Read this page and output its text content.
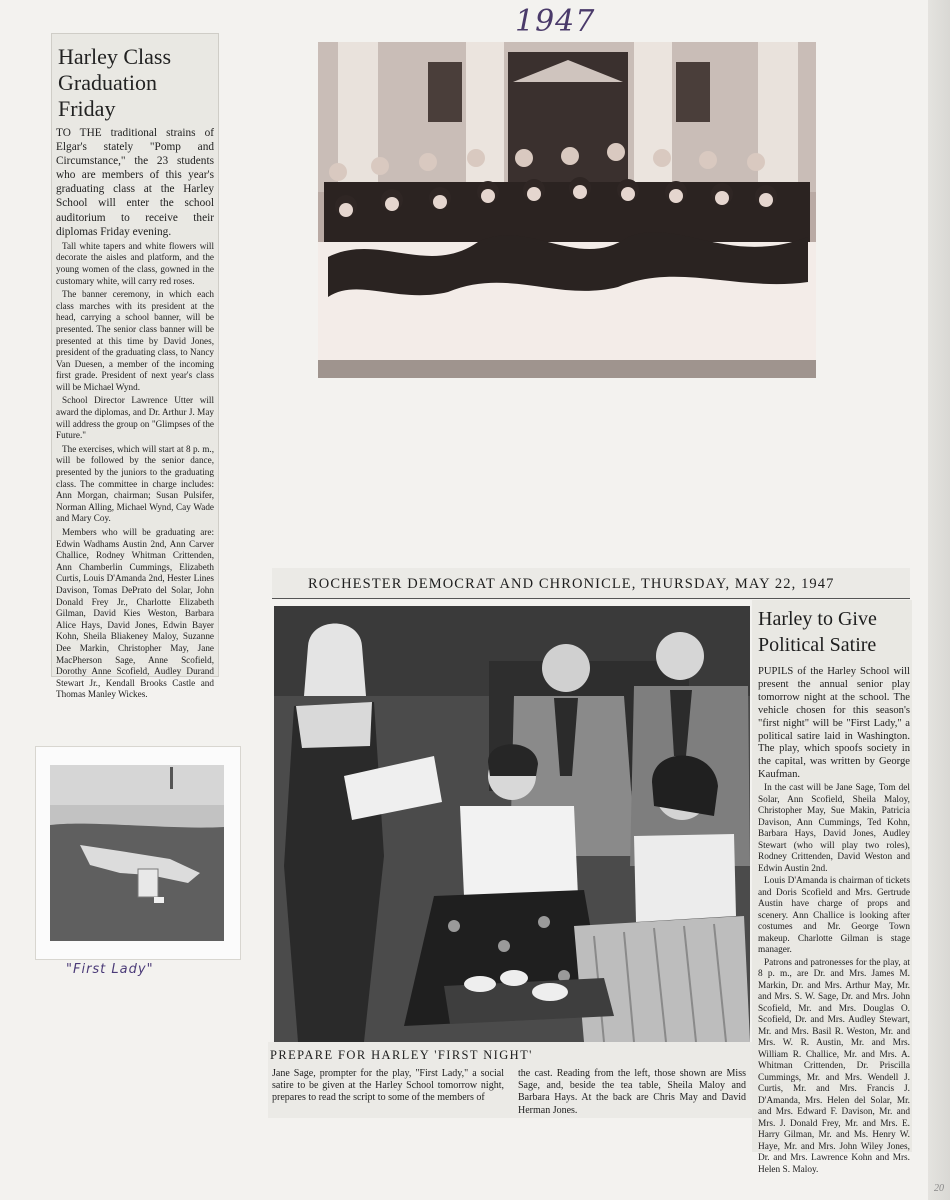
1947
Harley Class Graduation Friday

TO THE traditional strains of Elgar's stately "Pomp and Circumstance," the 23 students who are members of this year's graduating class at the Harley School will enter the school auditorium to receive their diplomas Friday evening.

Tall white tapers and white flowers will decorate the aisles and platform, and the young women of the class, gowned in the customary white, will carry red roses.

The banner ceremony, in which each class marches with its president at the head, carrying a school banner, will be presented. The senior class banner will be presented at this time by David Jones, president of the graduating class, to Nancy Van Duesen, a member of the incoming first grade. President of next year's class will be Michael Wynd.

School Director Lawrence Utter will award the diplomas, and Dr. Arthur J. May will address the group on "Glimpses of the Future."

The exercises, which will start at 8 p. m., will be followed by the senior dance, presented by the juniors to the graduating class. The committee in charge includes: Ann Morgan, chairman; Susan Pulsifer, Norman Alling, Michael Wynd, Cay Wade and Mary Coy.

Members who will be graduating are: Edwin Wadhams Austin 2nd, Ann Carver Challice, Rodney Whitman Crittenden, Ann Chamberlin Cummings, Elizabeth Curtis, Louis D'Amanda 2nd, Hester Lines Davison, Tomas DePrato del Solar, John Donald Frey Jr., Charlotte Elizabeth Gilman, David Kies Weston, Barbara Alice Hays, David Jones, Edwin Bayer Kohn, Sheila Bliakeney Maloy, Suzanne Dee Markin, Christopher May, Jane MacPherson Sage, Anne Scofield, Dorothy Anne Scofield, Audley Durand Stewart Jr., Kendall Brooks Castle and Thomas Manley Wickes.

"First Lady"
ROCHESTER DEMOCRAT AND CHRONICLE, THURSDAY, MAY 22, 1947
PREPARE FOR HARLEY 'FIRST NIGHT'
Jane Sage, prompter for the play, "First Lady," a social satire to be given at the Harley School tomorrow night, prepares to read the script to some of the members of
the cast. Reading from the left, those shown are Miss Sage, and, beside the tea table, Sheila Maloy and Barbara Hays. At the back are Chris May and David Herman Jones.
Harley to Give Political Satire

PUPILS of the Harley School will present the annual senior play tomorrow night at the school. The vehicle chosen for this season's "first night" will be "First Lady," a political satire laid in Washington. The play, which spoofs society in the capital, was written by George Kaufman.

In the cast will be Jane Sage, Tom del Solar, Ann Scofield, Sheila Maloy, Christopher May, Sue Makin, Patricia Davison, Ann Cummings, Ted Kohn, Barbara Hays, David Jones, Audley Stewart (who will play two roles), Rodney Crittenden, David Weston and Edwin Austin 2nd.

Louis D'Amanda is chairman of tickets and Doris Scofield and Mrs. Gertrude Austin have charge of props and scenery. Ann Challice is looking after costumes and Mr. George Town makeup. Charlotte Gilman is stage manager.

Patrons and patronesses for the play, at 8 p. m., are Dr. and Mrs. James M. Markin, Dr. and Mrs. Arthur May, Mr. and Mrs. S. W. Sage, Dr. and Mrs. John Scofield, Mr. and Mrs. Douglas O. Scofield, Dr. and Mrs. Audley Stewart, Mr. and Mrs. Basil R. Weston, Mr. and Mrs. W. R. Austin, Mr. and Mrs. William R. Challice, Mr. and Mrs. A. Whitman Crittenden, Dr. Priscilla Cummings, Mr. and Mrs. Wendell J. Curtis, Mr. and Mrs. Francis J. D'Amanda, Mrs. Helen del Solar, Mr. and Mrs. Edward F. Davison, Mr. and Mrs. J. Donald Frey, Mr. and Mrs. E. Harry Gilman, Mr. and Ms. Henry W. Haye, Mr. and Mrs. John Wiley Jones, Dr. and Mrs. Lawrence Kohn and Mrs. Helen S. Maloy.

20
